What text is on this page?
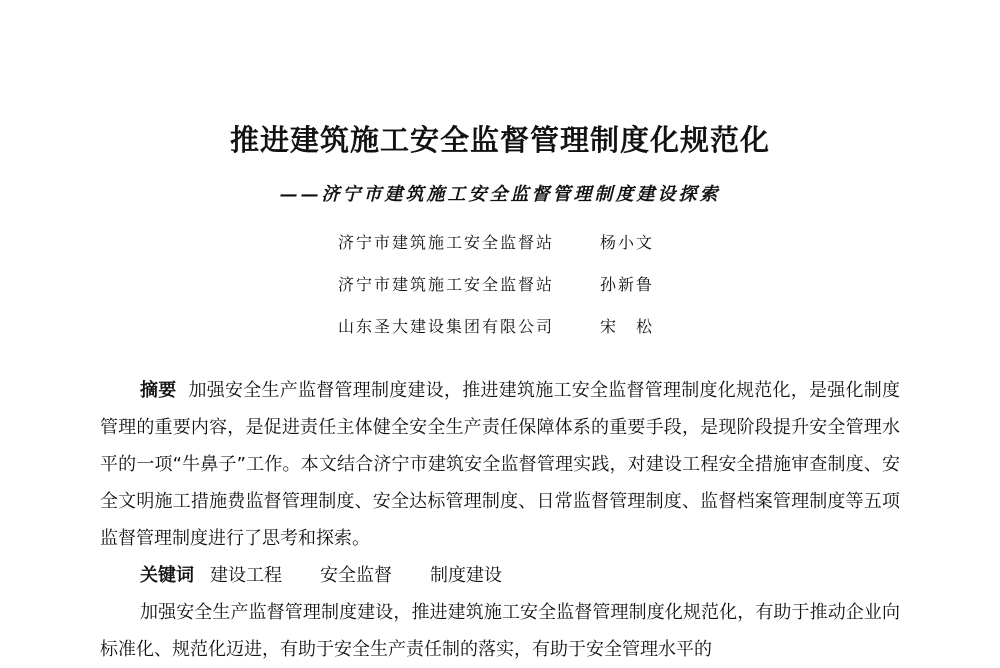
推进建筑施工安全监督管理制度化规范化
——济宁市建筑施工安全监督管理制度建设探索
济宁市建筑施工安全监督站	杨小文
济宁市建筑施工安全监督站	孙新鲁
山东圣大建设集团有限公司	宋　松

摘要 加强安全生产监督管理制度建设，推进建筑施工安全监督管理制度化规范化，是强化制度管理的重要内容，是促进责任主体健全安全生产责任保障体系的重要手段，是现阶段提升安全管理水平的一项“牛鼻子”工作。本文结合济宁市建筑安全监督管理实践，对建设工程安全措施审查制度、安全文明施工措施费监督管理制度、安全达标管理制度、日常监督管理制度、监督档案管理制度等五项监督管理制度进行了思考和探索。

关键词 建设工程 安全监督 制度建设

加强安全生产监督管理制度建设，推进建筑施工安全监督管理制度化规范化，有助于推动企业向标准化、规范化迈进，有助于安全生产责任制的落实，有助于安全管理水平的
